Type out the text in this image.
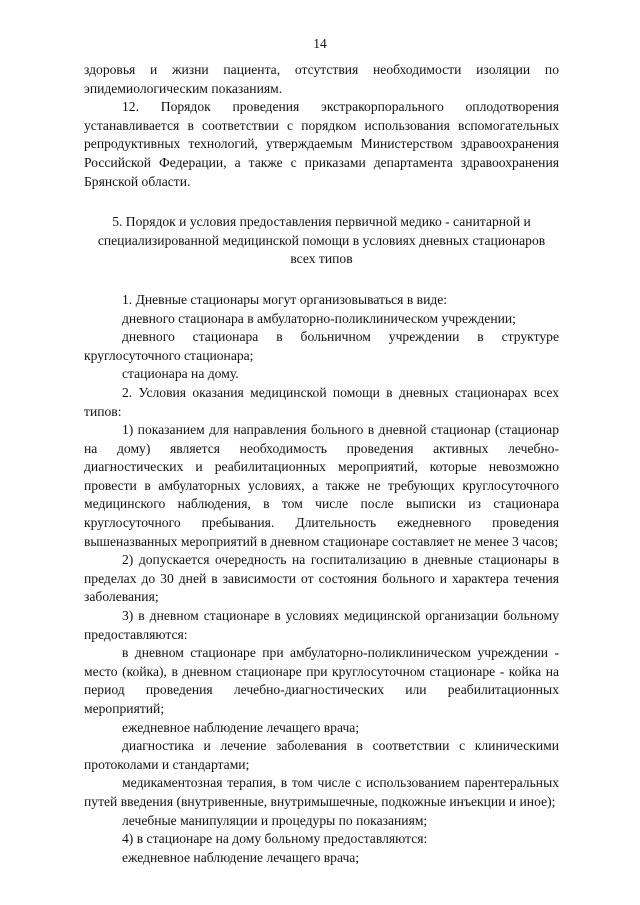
14

здоровья и жизни пациента, отсутствия необходимости изоляции по эпидемиологическим показаниям.

12. Порядок проведения экстракорпорального оплодотворения устанавливается в соответствии с порядком использования вспомогательных репродуктивных технологий, утверждаемым Министерством здравоохранения Российской Федерации, а также с приказами департамента здравоохранения Брянской области.

5. Порядок и условия предоставления первичной медико - санитарной и специализированной медицинской помощи в условиях дневных стационаров всех типов

1. Дневные стационары могут организовываться в виде:

дневного стационара в амбулаторно-поликлиническом учреждении;

дневного стационара в больничном учреждении в структуре круглосуточного стационара;

стационара на дому.

2. Условия оказания медицинской помощи в дневных стационарах всех типов:

1) показанием для направления больного в дневной стационар (стационар на дому) является необходимость проведения активных лечебно-диагностических и реабилитационных мероприятий, которые невозможно провести в амбулаторных условиях, а также не требующих круглосуточного медицинского наблюдения, в том числе после выписки из стационара круглосуточного пребывания. Длительность ежедневного проведения вышеназванных мероприятий в дневном стационаре составляет не менее 3 часов;

2) допускается очередность на госпитализацию в дневные стационары в пределах до 30 дней в зависимости от состояния больного и характера течения заболевания;

3) в дневном стационаре в условиях медицинской организации больному предоставляются:

в дневном стационаре при амбулаторно-поликлиническом учреждении - место (койка), в дневном стационаре при круглосуточном стационаре - койка на период проведения лечебно-диагностических или реабилитационных мероприятий;

ежедневное наблюдение лечащего врача;

диагностика и лечение заболевания в соответствии с клиническими протоколами и стандартами;

медикаментозная терапия, в том числе с использованием парентеральных путей введения (внутривенные, внутримышечные, подкожные инъекции и иное);

лечебные манипуляции и процедуры по показаниям;

4) в стационаре на дому больному предоставляются:

ежедневное наблюдение лечащего врача;
